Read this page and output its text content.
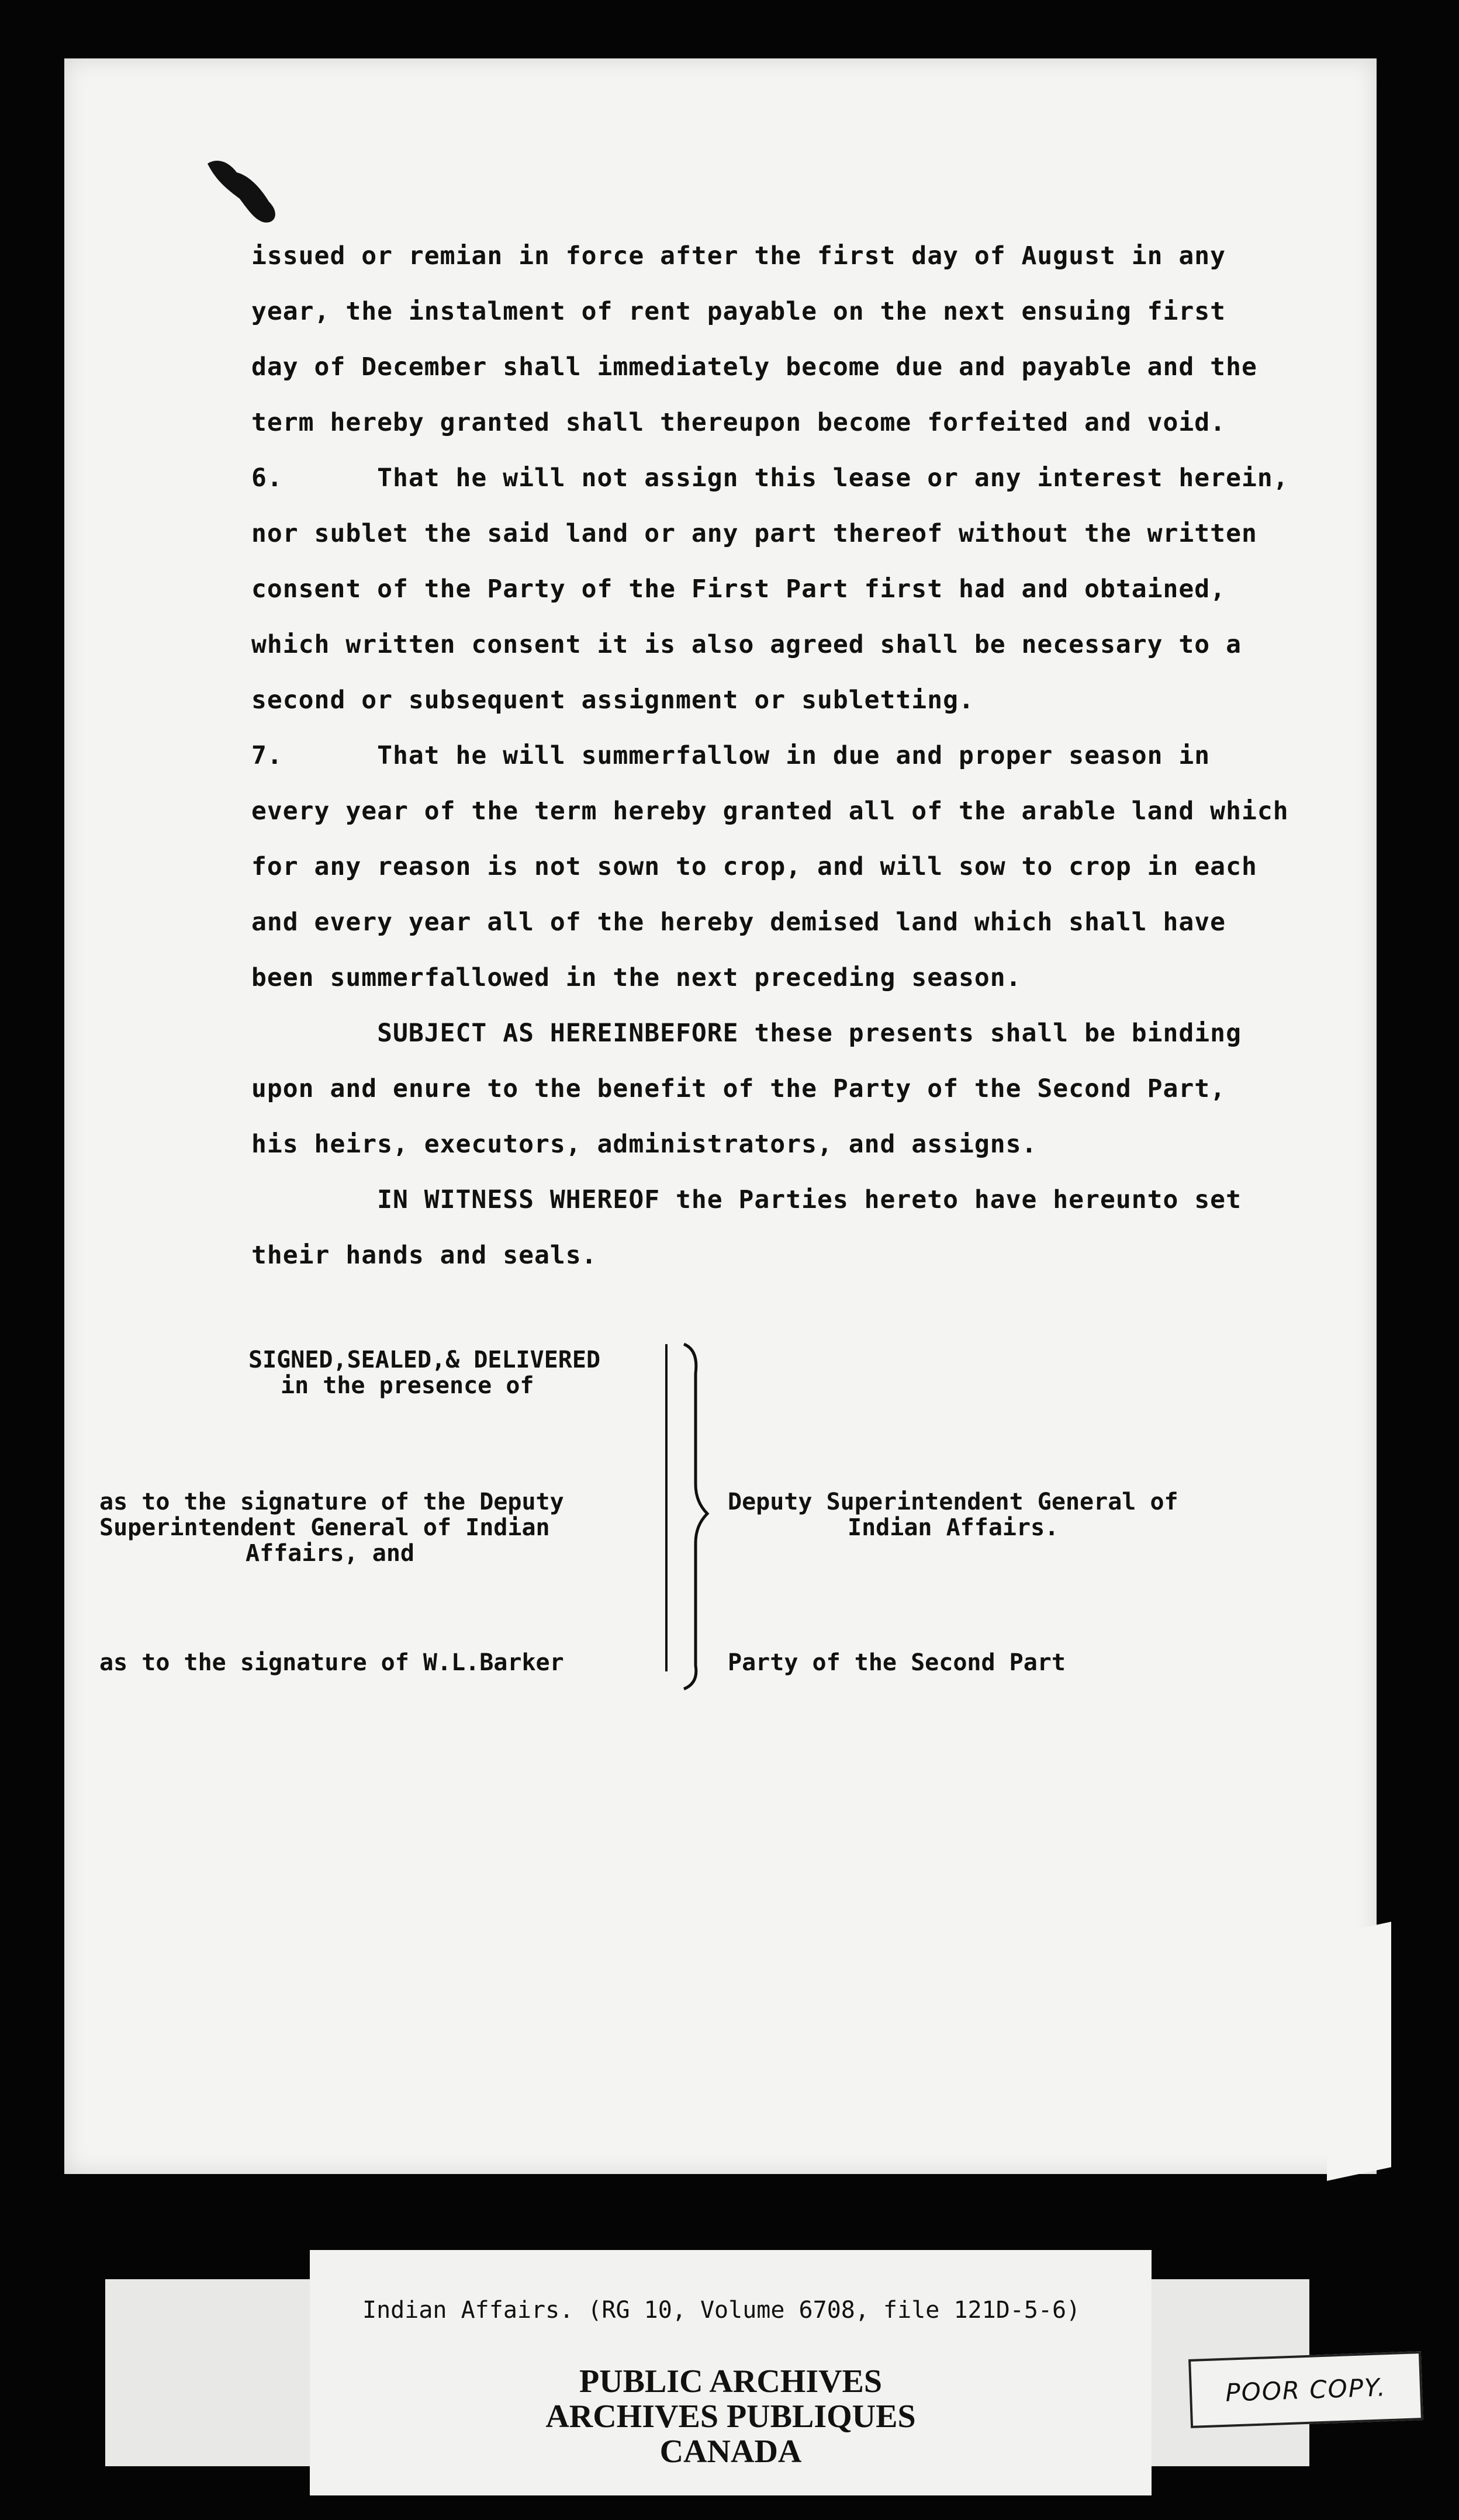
issued or remian in force after the first day of August in any

year, the instalment of rent payable on the next ensuing first

day of December shall immediately become due and payable and the

term hereby granted shall thereupon become forfeited and void.

6.      That he will not assign this lease or any interest herein,

nor sublet the said land or any part thereof without the written

consent of the Party of the First Part first had and obtained,

which written consent it is also agreed shall be necessary to a

second or subsequent assignment or subletting.

7.      That he will summerfallow in due and proper season in

every year of the term hereby granted all of the arable land which

for any reason is not sown to crop, and will sow to crop in each

and every year all of the hereby demised land which shall have

been summerfallowed in the next preceding season.

SUBJECT AS HEREINBEFORE these presents shall be binding

upon and enure to the benefit of the Party of the Second Part,

his heirs, executors, administrators, and assigns.

IN WITNESS WHEREOF the Parties hereto have hereunto set

their hands and seals.

SIGNED,SEALED,& DELIVERED

in the presence of

as to the signature of the Deputy

Superintendent General of Indian

Affairs, and

Deputy Superintendent General of

Indian Affairs.

as to the signature of W.L.Barker	Party of the Second Part

Indian Affairs. (RG 10, Volume 6708, file 121D-5-6)

PUBLIC ARCHIVES

ARCHIVES PUBLIQUES

CANADA

POOR COPY.
